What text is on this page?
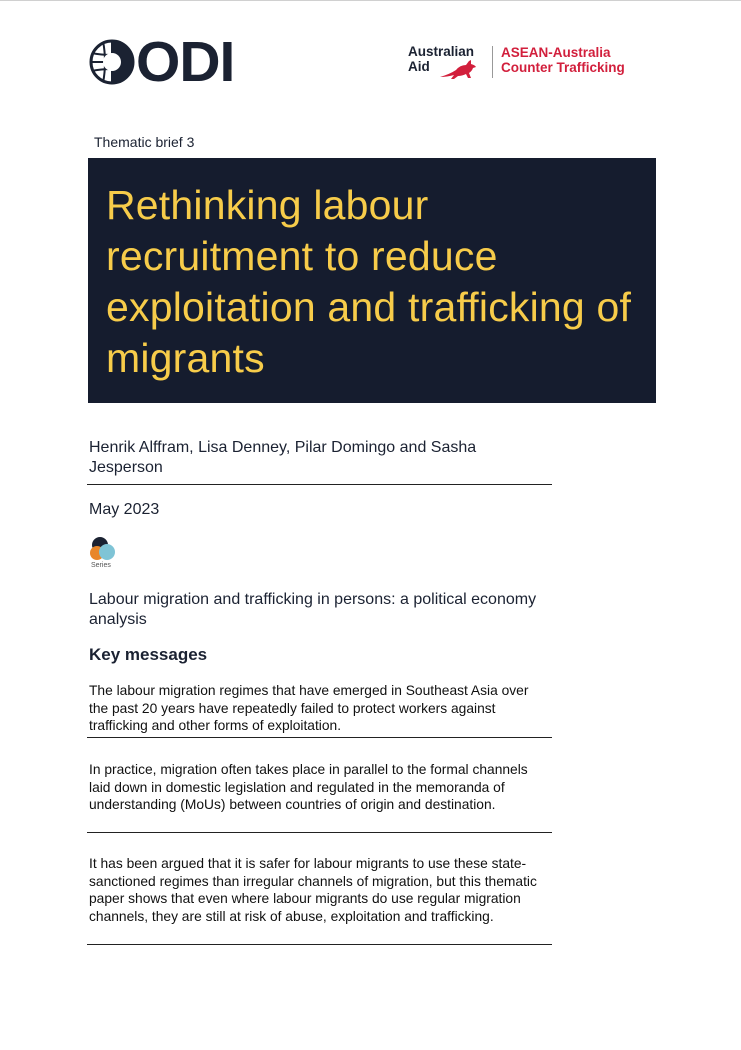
ODI	Australian
Aid
ASEAN-Australia
Counter Trafficking
Thematic brief 3
Rethinking labour recruitment to reduce exploitation and trafficking of migrants
Henrik Alffram, Lisa Denney, Pilar Domingo and Sasha Jesperson
May 2023
Series
Labour migration and trafficking in persons: a political economy analysis
Key messages

The labour migration regimes that have emerged in Southeast Asia over the past 20 years have repeatedly failed to protect workers against trafficking and other forms of exploitation.

In practice, migration often takes place in parallel to the formal channels laid down in domestic legislation and regulated in the memoranda of understanding (MoUs) between countries of origin and destination.

It has been argued that it is safer for labour migrants to use these state-sanctioned regimes than irregular channels of migration, but this thematic paper shows that even where labour migrants do use regular migration channels, they are still at risk of abuse, exploitation and trafficking.
